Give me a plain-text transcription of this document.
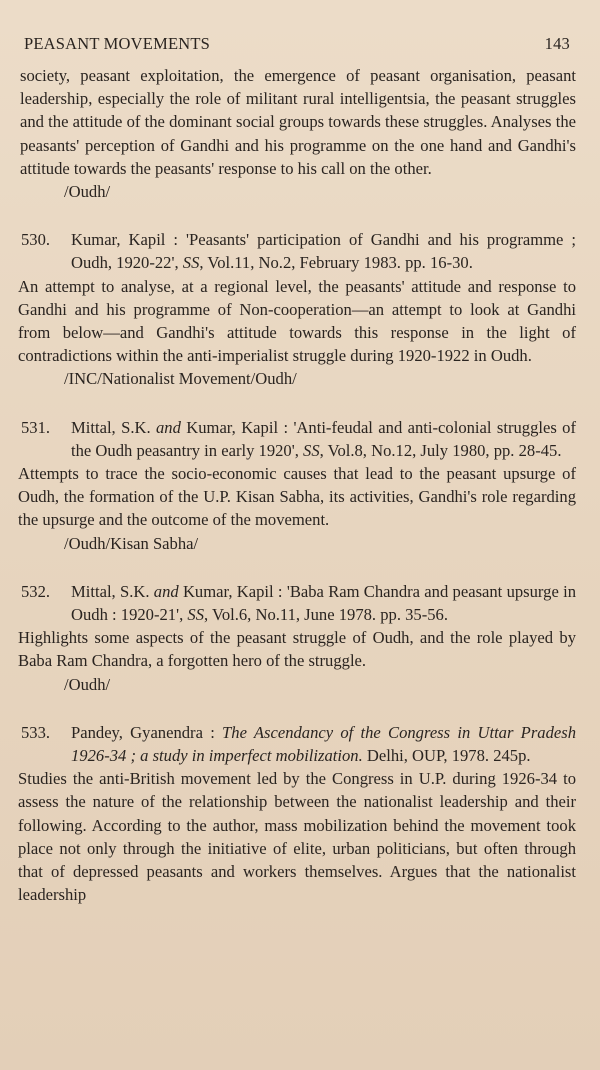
PEASANT MOVEMENTS	143

society, peasant exploitation, the emergence of peasant organisation, peasant leadership, especially the role of militant rural intelligentsia, the peasant struggles and the attitude of the dominant social groups towards these struggles. Analyses the peasants' perception of Gandhi and his programme on the one hand and Gandhi's attitude towards the peasants' response to his call on the other.

/Oudh/

530.	Kumar, Kapil : 'Peasants' participation of Gandhi and his programme ; Oudh, 1920-22', SS, Vol.11, No.2, February 1983. pp. 16-30.

An attempt to analyse, at a regional level, the peasants' attitude and response to Gandhi and his programme of Non-cooperation—an attempt to look at Gandhi from below—and Gandhi's attitude towards this response in the light of contradictions within the anti-imperialist struggle during 1920-1922 in Oudh.

/INC/Nationalist Movement/Oudh/

531.	Mittal, S.K. and Kumar, Kapil : 'Anti-feudal and anti-colonial struggles of the Oudh peasantry in early 1920', SS, Vol.8, No.12, July 1980, pp. 28-45.

Attempts to trace the socio-economic causes that lead to the peasant upsurge of Oudh, the formation of the U.P. Kisan Sabha, its activities, Gandhi's role regarding the upsurge and the outcome of the movement.

/Oudh/Kisan Sabha/

532.	Mittal, S.K. and Kumar, Kapil : 'Baba Ram Chandra and peasant upsurge in Oudh : 1920-21', SS, Vol.6, No.11, June 1978. pp. 35-56.

Highlights some aspects of the peasant struggle of Oudh, and the role played by Baba Ram Chandra, a forgotten hero of the struggle.

/Oudh/

533.	Pandey, Gyanendra : The Ascendancy of the Congress in Uttar Pradesh 1926-34 ; a study in imperfect mobilization. Delhi, OUP, 1978. 245p.

Studies the anti-British movement led by the Congress in U.P. during 1926-34 to assess the nature of the relationship between the nationalist leadership and their following. According to the author, mass mobilization behind the movement took place not only through the initiative of elite, urban politicians, but often through that of depressed peasants and workers themselves. Argues that the nationalist leadership
